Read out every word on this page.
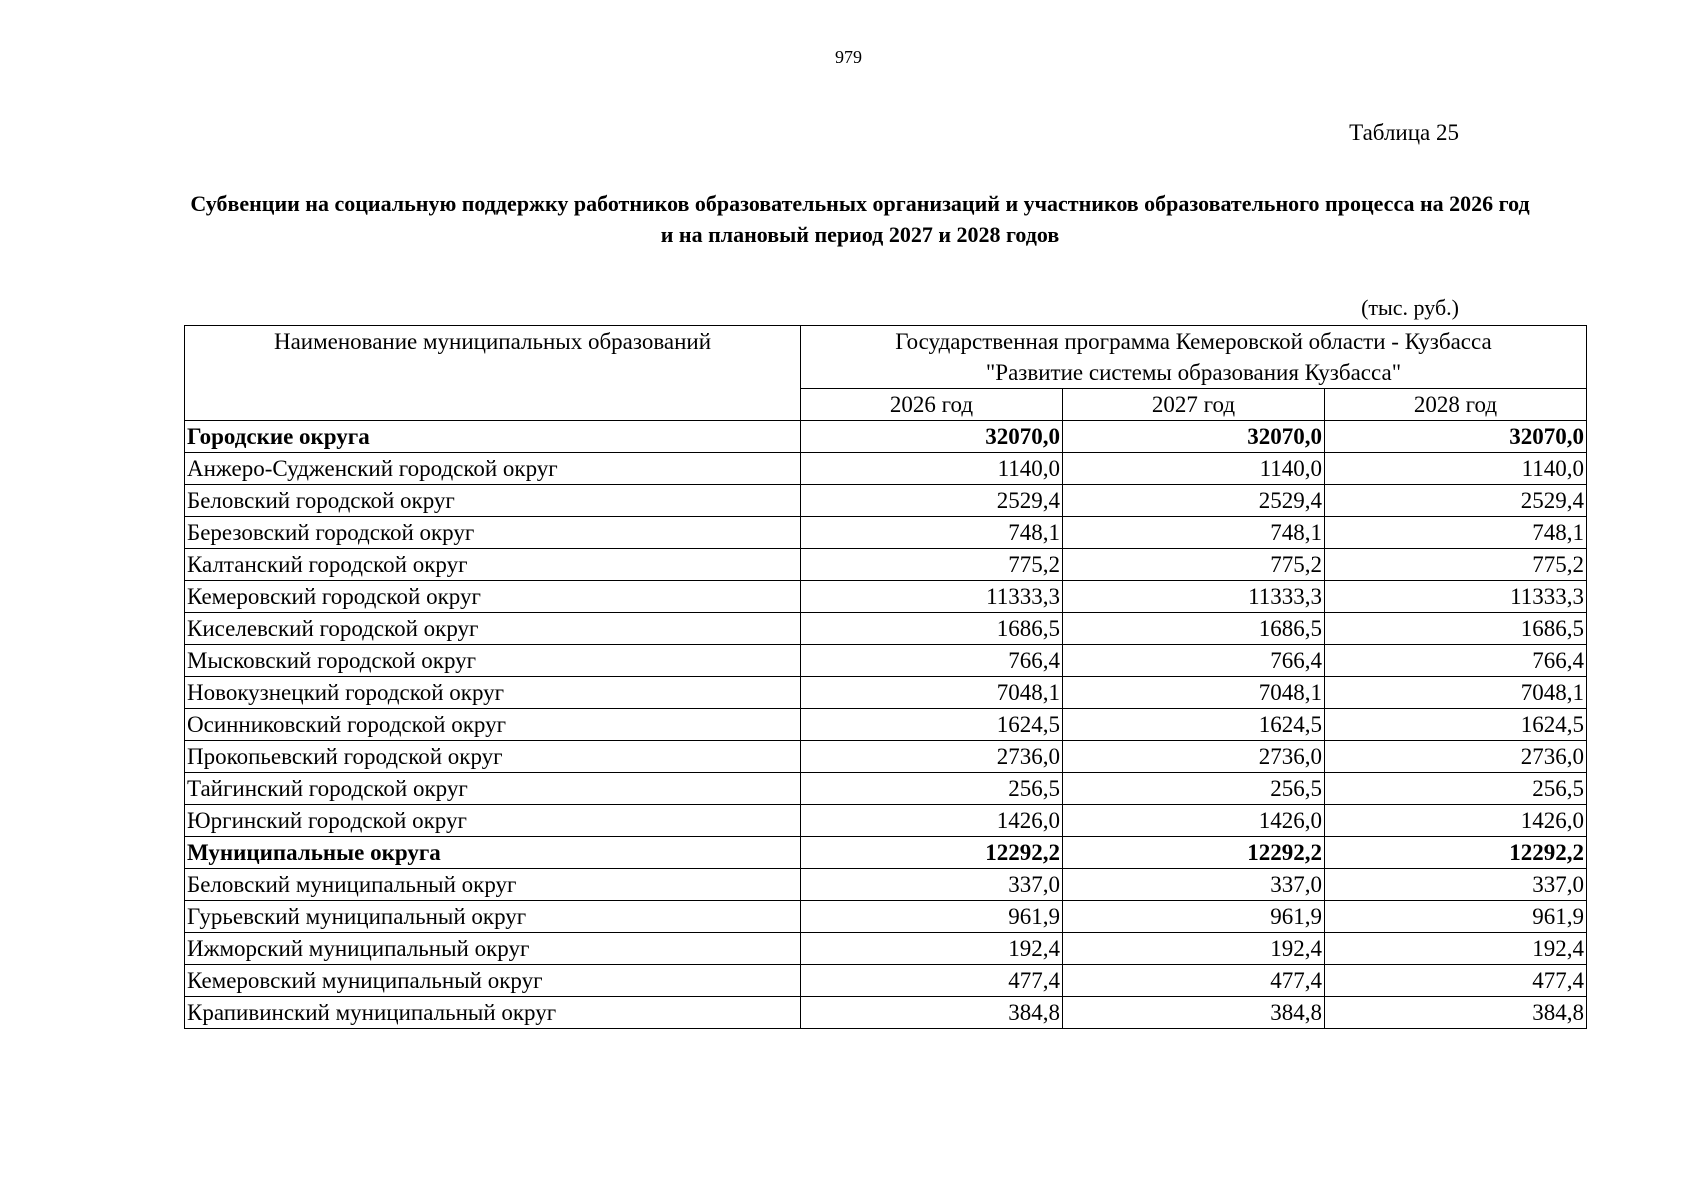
979
Таблица 25
Субвенции на социальную поддержку работников образовательных организаций и участников образовательного процесса на 2026 год и на плановый период 2027 и 2028 годов
(тыс. руб.)
Наименование муниципальных образований	Государственная программа Кемеровской области - Кузбасса
"Развитие системы образования Кузбасса"		

	2026 год	2027 год	2028 год
Городские округа	32070,0	32070,0	32070,0
Анжеро-Судженский городской округ	1140,0	1140,0	1140,0
Беловский городской округ	2529,4	2529,4	2529,4
Березовский городской округ	748,1	748,1	748,1
Калтанский городской округ	775,2	775,2	775,2
Кемеровский городской округ	11333,3	11333,3	11333,3
Киселевский городской округ	1686,5	1686,5	1686,5
Мысковский городской округ	766,4	766,4	766,4
Новокузнецкий городской округ	7048,1	7048,1	7048,1
Осинниковский городской округ	1624,5	1624,5	1624,5
Прокопьевский городской округ	2736,0	2736,0	2736,0
Тайгинский городской округ	256,5	256,5	256,5
Юргинский городской округ	1426,0	1426,0	1426,0
Муниципальные округа	12292,2	12292,2	12292,2
Беловский муниципальный округ	337,0	337,0	337,0
Гурьевский муниципальный округ	961,9	961,9	961,9
Ижморский муниципальный округ	192,4	192,4	192,4
Кемеровский муниципальный округ	477,4	477,4	477,4
Крапивинский муниципальный округ	384,8	384,8	384,8
